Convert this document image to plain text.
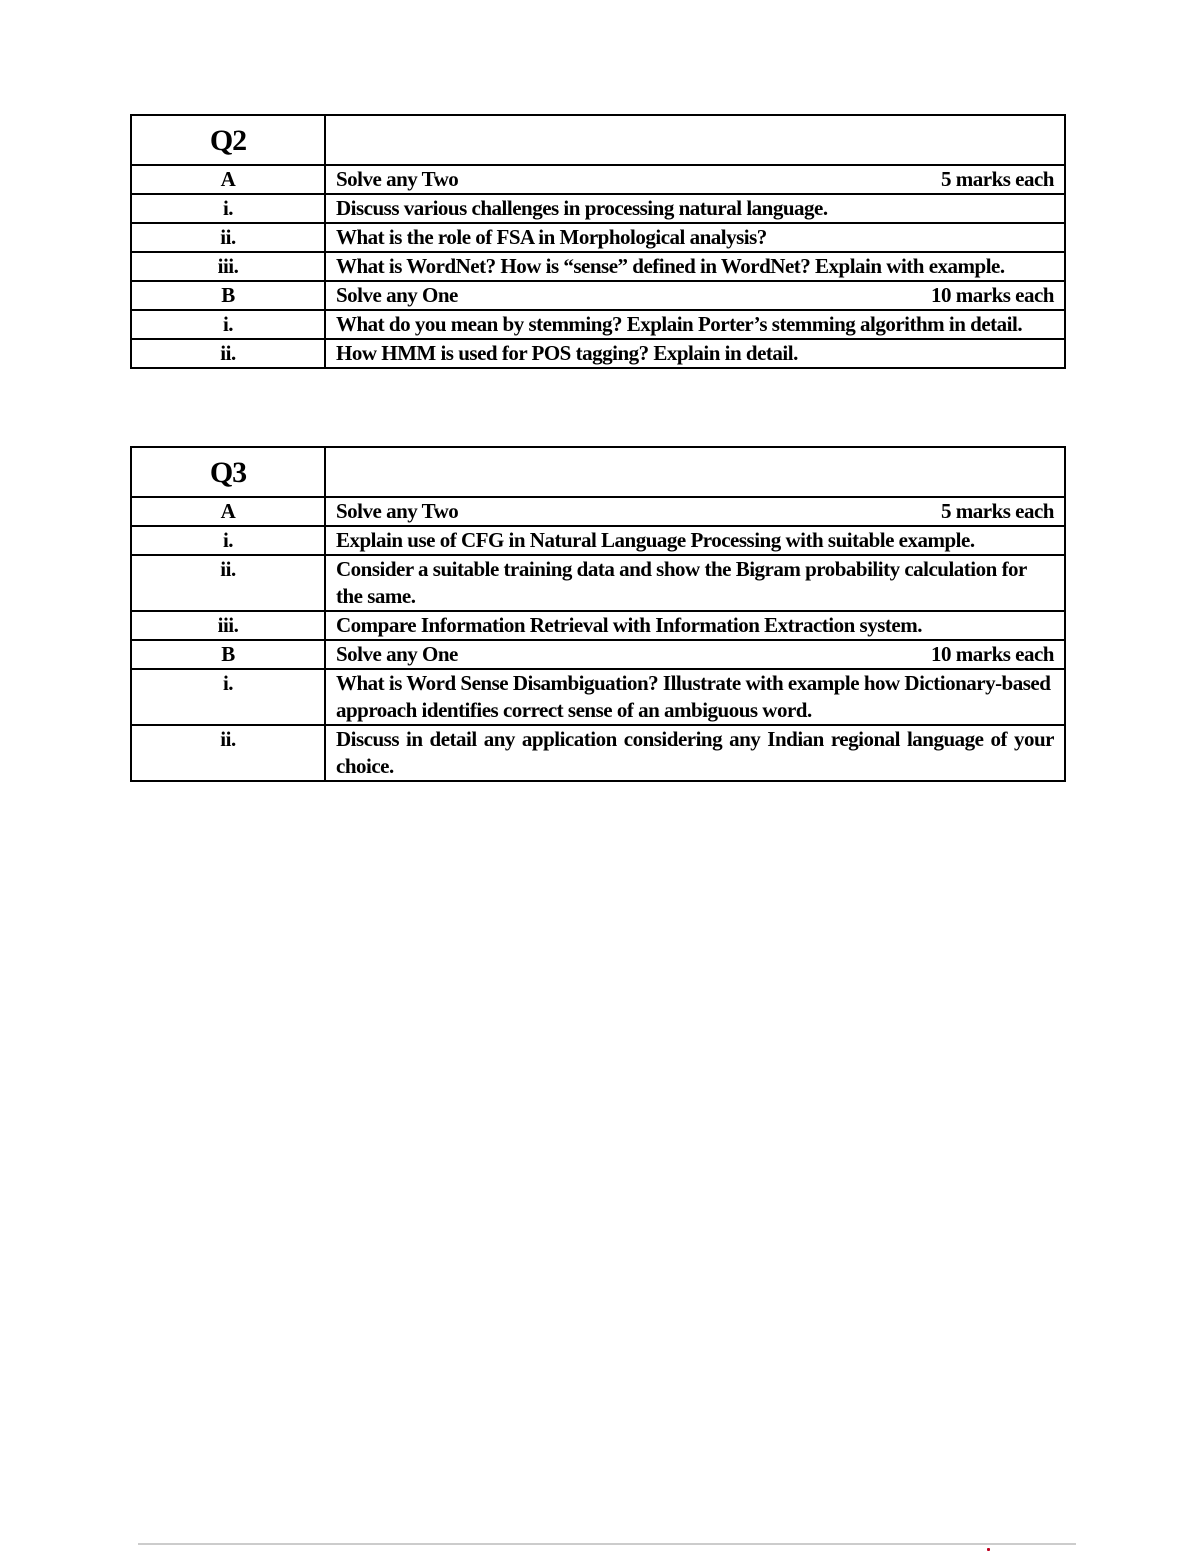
Q2	
A	Solve any Two 5 marks each

i.	Discuss various challenges in processing natural language.
ii.	What is the role of FSA in Morphological analysis?
iii.	What is WordNet? How is “sense” defined in WordNet? Explain with example.
B	Solve any One 10 marks each

i.	What do you mean by stemming? Explain Porter’s stemming algorithm in detail.
ii.	How HMM is used for POS tagging? Explain in detail.
Q3	
A	Solve any Two 5 marks each

i.	Explain use of CFG in Natural Language Processing with suitable example.
ii.	Consider a suitable training data and show the Bigram probability calculation for the same.
iii.	Compare Information Retrieval with Information Extraction system.
B	Solve any One 10 marks each

i.	What is Word Sense Disambiguation? Illustrate with example how Dictionary-based approach identifies correct sense of an ambiguous word.
ii.	Discuss in detail any application considering any Indian regional language of your choice.
